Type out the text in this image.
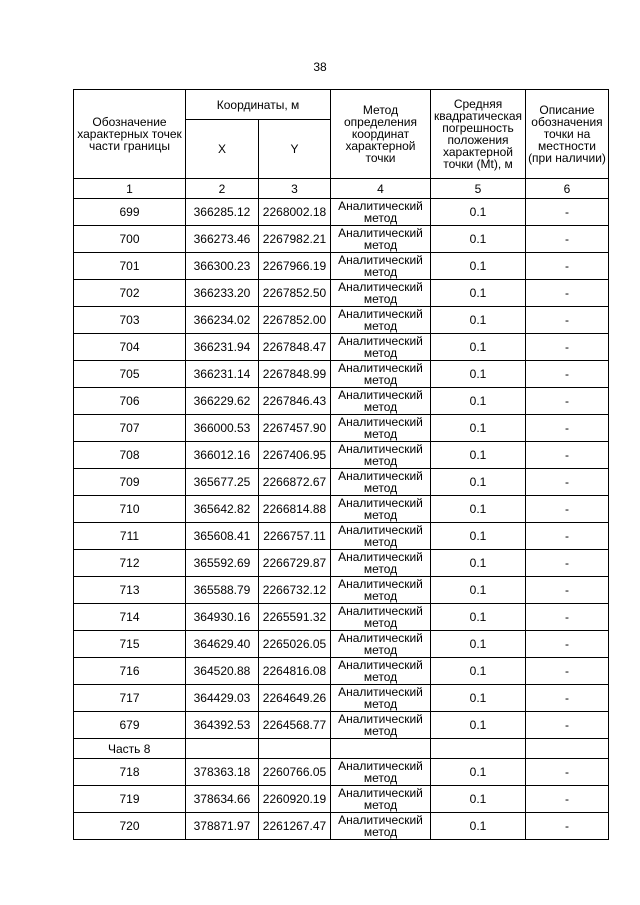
38
Обозначение характерных точек части границы	Координаты, м		Метод определения координат характерной точки	Средняя квадратическая погрешность положения характерной точки (Mt), м	Описание обозначения точки на местности (при наличии)
	X	Y			
1	2	3	4	5	6
699	366285.12	2268002.18	Аналитический метод	0.1	-
700	366273.46	2267982.21	Аналитический метод	0.1	-
701	366300.23	2267966.19	Аналитический метод	0.1	-
702	366233.20	2267852.50	Аналитический метод	0.1	-
703	366234.02	2267852.00	Аналитический метод	0.1	-
704	366231.94	2267848.47	Аналитический метод	0.1	-
705	366231.14	2267848.99	Аналитический метод	0.1	-
706	366229.62	2267846.43	Аналитический метод	0.1	-
707	366000.53	2267457.90	Аналитический метод	0.1	-
708	366012.16	2267406.95	Аналитический метод	0.1	-
709	365677.25	2266872.67	Аналитический метод	0.1	-
710	365642.82	2266814.88	Аналитический метод	0.1	-
711	365608.41	2266757.11	Аналитический метод	0.1	-
712	365592.69	2266729.87	Аналитический метод	0.1	-
713	365588.79	2266732.12	Аналитический метод	0.1	-
714	364930.16	2265591.32	Аналитический метод	0.1	-
715	364629.40	2265026.05	Аналитический метод	0.1	-
716	364520.88	2264816.08	Аналитический метод	0.1	-
717	364429.03	2264649.26	Аналитический метод	0.1	-
679	364392.53	2264568.77	Аналитический метод	0.1	-
Часть 8					
718	378363.18	2260766.05	Аналитический метод	0.1	-
719	378634.66	2260920.19	Аналитический метод	0.1	-
720	378871.97	2261267.47	Аналитический метод	0.1	-
